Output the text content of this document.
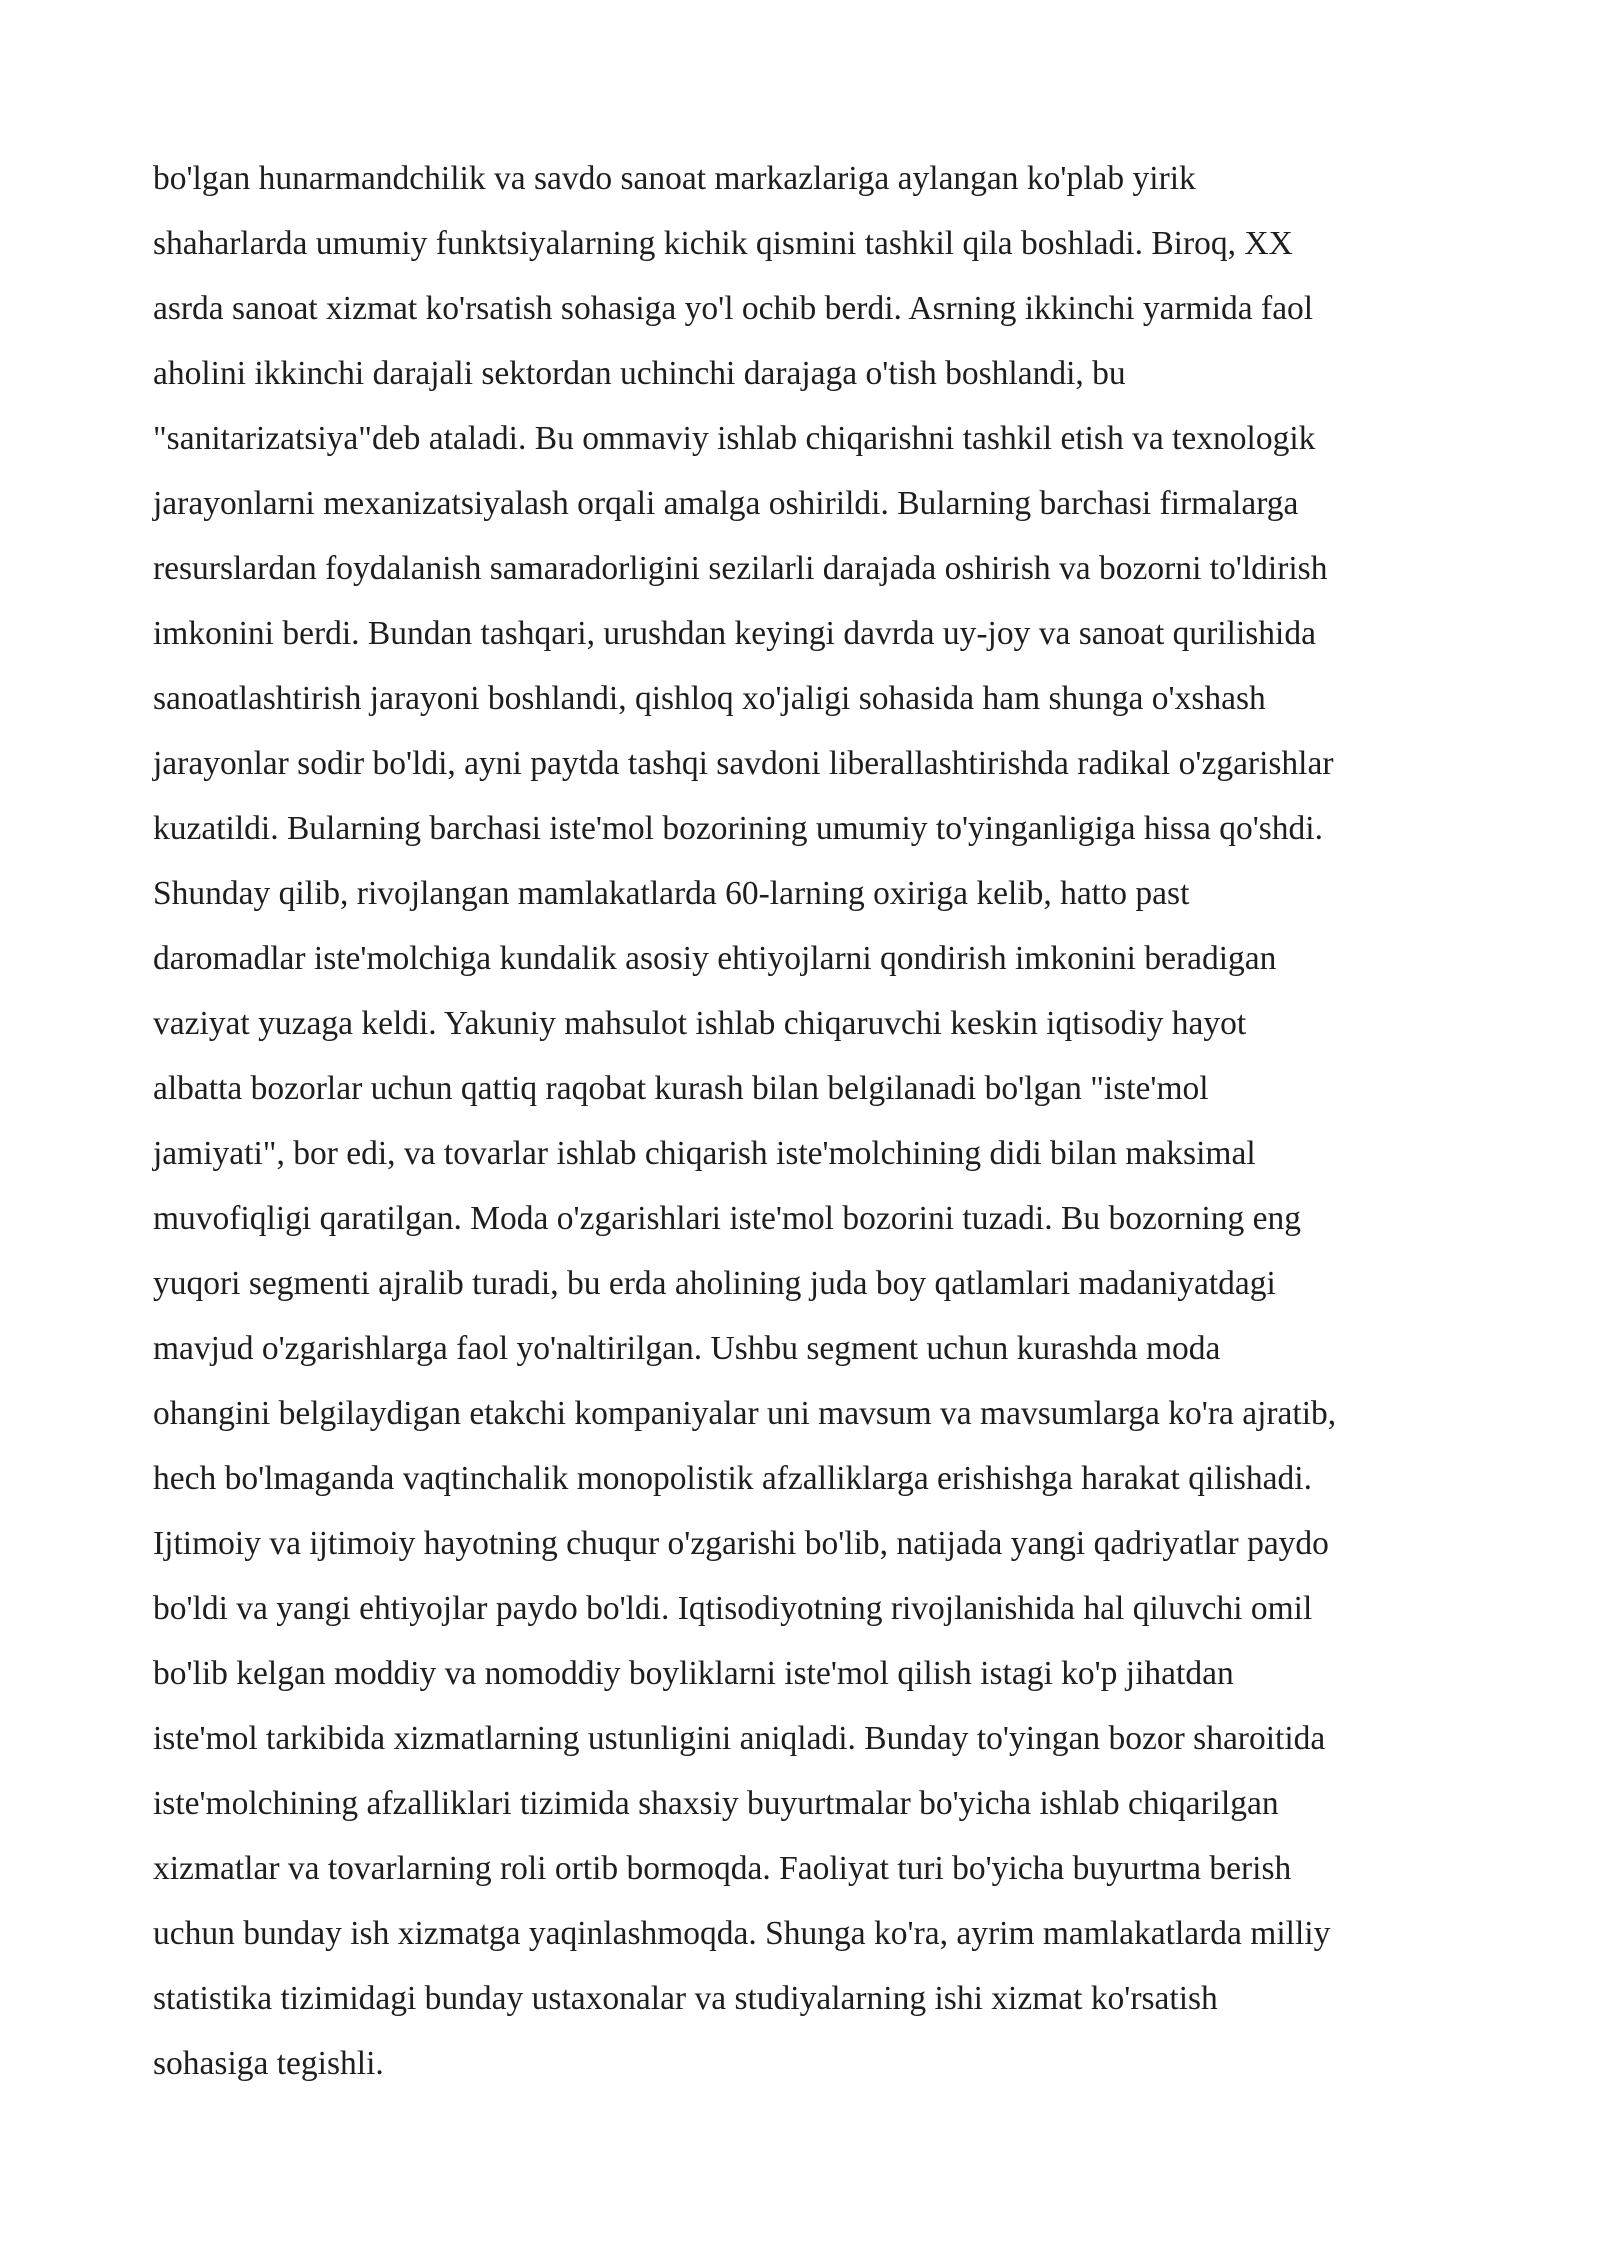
bo'lgan hunarmandchilik va savdo sanoat markazlariga aylangan ko'plab yirik
shaharlarda umumiy funktsiyalarning kichik qismini tashkil qila boshladi. Biroq, XX
asrda sanoat xizmat ko'rsatish sohasiga yo'l ochib berdi. Asrning ikkinchi yarmida faol
aholini ikkinchi darajali sektordan uchinchi darajaga o'tish boshlandi, bu
"sanitarizatsiya"deb ataladi. Bu ommaviy ishlab chiqarishni tashkil etish va texnologik
jarayonlarni mexanizatsiyalash orqali amalga oshirildi. Bularning barchasi firmalarga
resurslardan foydalanish samaradorligini sezilarli darajada oshirish va bozorni to'ldirish
imkonini berdi. Bundan tashqari, urushdan keyingi davrda uy-joy va sanoat qurilishida
sanoatlashtirish jarayoni boshlandi, qishloq xo'jaligi sohasida ham shunga o'xshash
jarayonlar sodir bo'ldi, ayni paytda tashqi savdoni liberallashtirishda radikal o'zgarishlar
kuzatildi. Bularning barchasi iste'mol bozorining umumiy to'yinganligiga hissa qo'shdi.
Shunday qilib, rivojlangan mamlakatlarda 60-larning oxiriga kelib, hatto past
daromadlar iste'molchiga kundalik asosiy ehtiyojlarni qondirish imkonini beradigan
vaziyat yuzaga keldi. Yakuniy mahsulot ishlab chiqaruvchi keskin iqtisodiy hayot
albatta bozorlar uchun qattiq raqobat kurash bilan belgilanadi bo'lgan "iste'mol
jamiyati", bor edi, va tovarlar ishlab chiqarish iste'molchining didi bilan maksimal
muvofiqligi qaratilgan. Moda o'zgarishlari iste'mol bozorini tuzadi. Bu bozorning eng
yuqori segmenti ajralib turadi, bu erda aholining juda boy qatlamlari madaniyatdagi
mavjud o'zgarishlarga faol yo'naltirilgan. Ushbu segment uchun kurashda moda
ohangini belgilaydigan etakchi kompaniyalar uni mavsum va mavsumlarga ko'ra ajratib,
hech bo'lmaganda vaqtinchalik monopolistik afzalliklarga erishishga harakat qilishadi.
Ijtimoiy va ijtimoiy hayotning chuqur o'zgarishi bo'lib, natijada yangi qadriyatlar paydo
bo'ldi va yangi ehtiyojlar paydo bo'ldi. Iqtisodiyotning rivojlanishida hal qiluvchi omil
bo'lib kelgan moddiy va nomoddiy boyliklarni iste'mol qilish istagi ko'p jihatdan
iste'mol tarkibida xizmatlarning ustunligini aniqladi. Bunday to'yingan bozor sharoitida
iste'molchining afzalliklari tizimida shaxsiy buyurtmalar bo'yicha ishlab chiqarilgan
xizmatlar va tovarlarning roli ortib bormoqda. Faoliyat turi bo'yicha buyurtma berish
uchun bunday ish xizmatga yaqinlashmoqda. Shunga ko'ra, ayrim mamlakatlarda milliy
statistika tizimidagi bunday ustaxonalar va studiyalarning ishi xizmat ko'rsatish
sohasiga tegishli.
